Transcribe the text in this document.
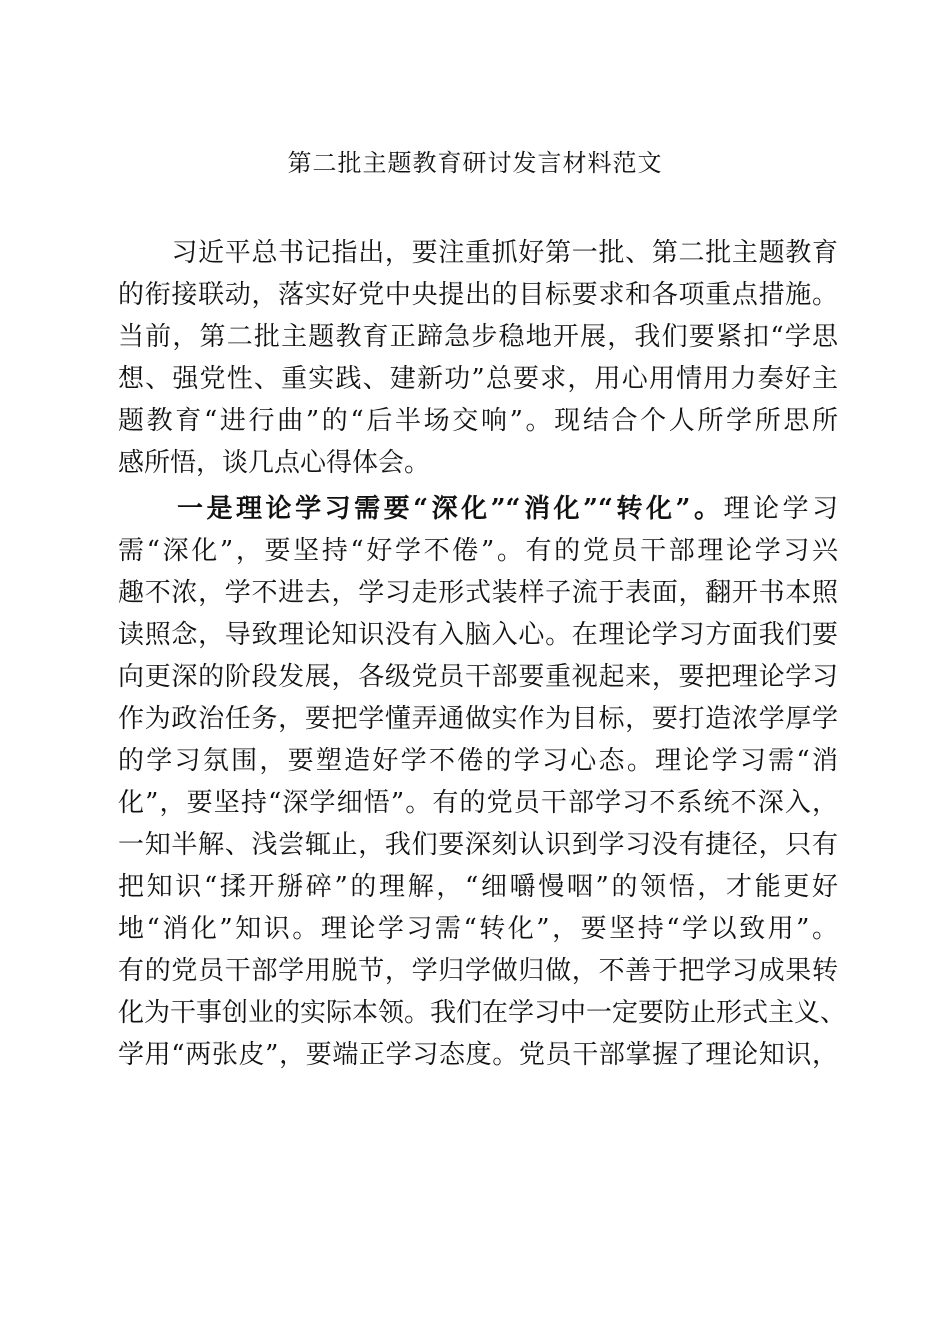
第二批主题教育研讨发言材料范文
　　习近平总书记指出，要注重抓好第一批、第二批主题教育
的衔接联动，落实好党中央提出的目标要求和各项重点措施。
当前，第二批主题教育正蹄急步稳地开展，我们要紧扣“学思
想、强党性、重实践、建新功”总要求，用心用情用力奏好主
题教育“进行曲”的“后半场交响”。现结合个人所学所思所
感所悟，谈几点心得体会。
　　一是理论学习需要“深化”“消化”“转化”。理论学习
需“深化”，要坚持“好学不倦”。有的党员干部理论学习兴
趣不浓，学不进去，学习走形式装样子流于表面，翻开书本照
读照念，导致理论知识没有入脑入心。在理论学习方面我们要
向更深的阶段发展，各级党员干部要重视起来，要把理论学习
作为政治任务，要把学懂弄通做实作为目标，要打造浓学厚学
的学习氛围，要塑造好学不倦的学习心态。理论学习需“消
化”，要坚持“深学细悟”。有的党员干部学习不系统不深入，
一知半解、浅尝辄止，我们要深刻认识到学习没有捷径，只有
把知识“揉开掰碎”的理解，“细嚼慢咽”的领悟，才能更好
地“消化”知识。理论学习需“转化”，要坚持“学以致用”。
有的党员干部学用脱节，学归学做归做，不善于把学习成果转
化为干事创业的实际本领。我们在学习中一定要防止形式主义、
学用“两张皮”，要端正学习态度。党员干部掌握了理论知识，
